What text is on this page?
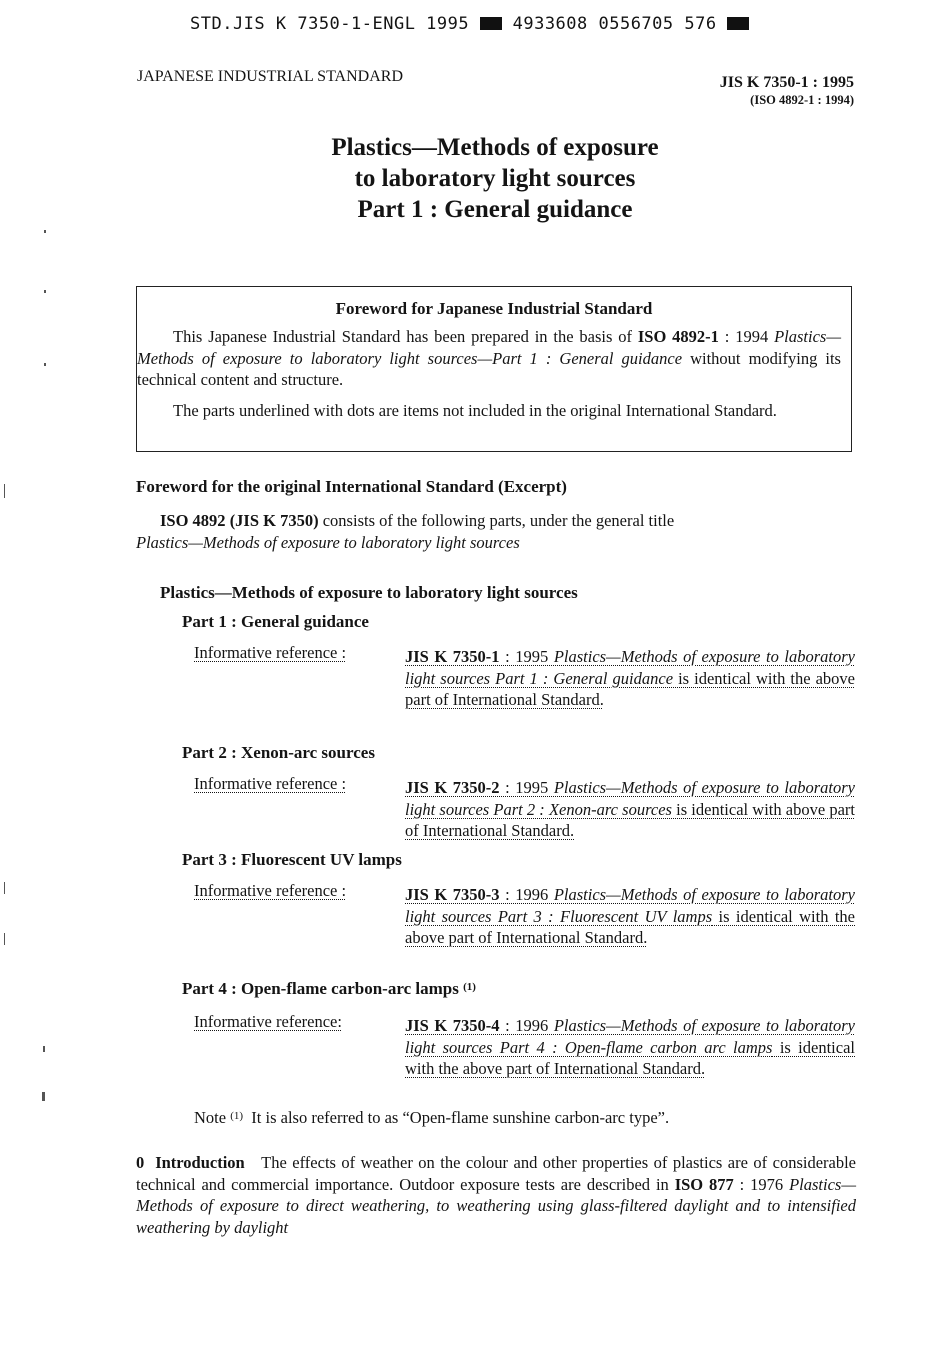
STD.JIS K 7350-1-ENGL 1995	4933608 0556705 576
JAPANESE INDUSTRIAL STANDARD	JIS K 7350-1 : 1995
(ISO 4892-1 : 1994)
Plastics—Methods of exposure
to laboratory light sources
Part 1 : General guidance
Foreword for Japanese Industrial Standard
This Japanese Industrial Standard has been prepared in the basis of ISO 4892-1 : 1994 Plastics—Methods of exposure to laboratory light sources—Part 1 : General guidance without modifying its technical content and structure.
The parts underlined with dots are items not included in the original International Standard.
Foreword for the original International Standard (Excerpt)
ISO 4892 (JIS K 7350) consists of the following parts, under the general title
Plastics—Methods of exposure to laboratory light sources
Plastics—Methods of exposure to laboratory light sources
Part 1 : General guidance
Informative reference :	JIS K 7350-1 : 1995 Plastics—Methods of exposure to laboratory light sources Part 1 : General guidance is identical with the above part of International Standard.
Part 2 : Xenon-arc sources
Informative reference :	JIS K 7350-2 : 1995 Plastics—Methods of exposure to laboratory light sources Part 2 : Xenon-arc sources is identical with above part of International Standard.
Part 3 : Fluorescent UV lamps
Informative reference :	JIS K 7350-3 : 1996 Plastics—Methods of exposure to laboratory light sources Part 3 : Fluorescent UV lamps is identical with the above part of International Standard.
Part 4 : Open-flame carbon-arc lamps $^{(1)}$
Informative reference:	JIS K 7350-4 : 1996 Plastics—Methods of exposure to laboratory light sources Part 4 : Open-flame carbon arc lamps is identical with the above part of International Standard.
Note $^{(1)}$ It is also referred to as “Open-flame sunshine carbon-arc type”.
0 Introduction The effects of weather on the colour and other properties of plastics are of considerable technical and commercial importance. Outdoor exposure tests are described in ISO 877 : 1976 Plastics—Methods of exposure to direct weathering, to weathering using glass-filtered daylight and to intensified weathering by daylight
